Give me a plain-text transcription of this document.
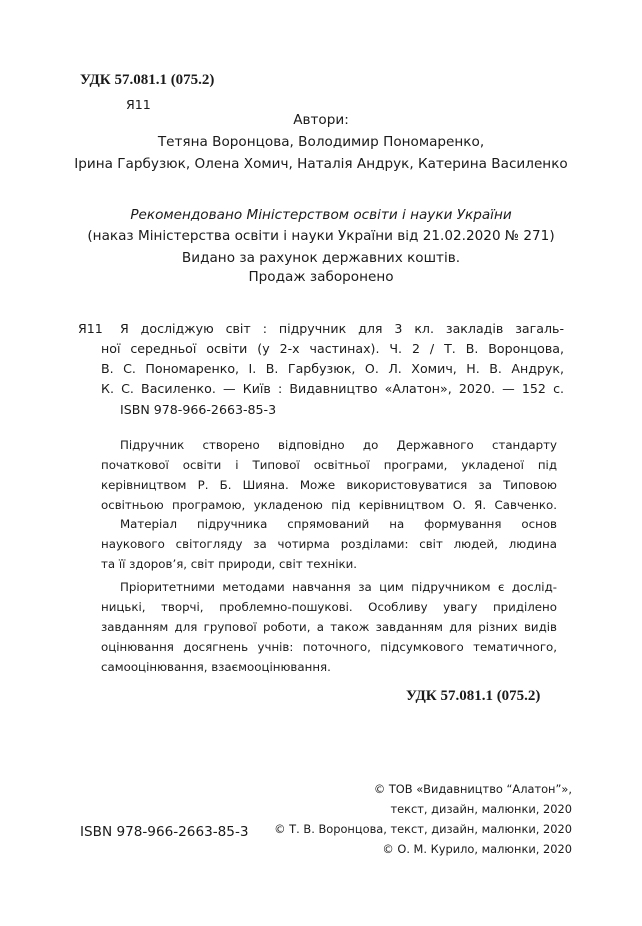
УДК 57.081.1 (075.2)
Я11
Автори:
Тетяна Воронцова, Володимир Пономаренко,
Ірина Гарбузюк, Олена Хомич, Наталія Андрук, Катерина Василенко
Рекомендовано Міністерством освіти і науки України
(наказ Міністерства освіти і науки України від 21.02.2020 № 271)
Видано за рахунок державних коштів.
Продаж заборонено
Я11 Я досліджую світ : підручник для 3 кл. закладів загаль-
ної середньої освіти (у 2-х частинах). Ч. 2 / Т. В. Воронцова,
В. С. Пономаренко, І. В. Гарбузюк, О. Л. Хомич, Н. В. Андрук,
К. С. Василенко. — Київ : Видавництво «Алатон», 2020. — 152 с.
ISBN 978-966-2663-85-3
Підручник створено відповідно до Державного стандарту
початкової освіти і Типової освітньої програми, укладеної під
керівництвом Р. Б. Шияна. Може використовуватися за Типовою
освітньою програмою, укладеною під керівництвом О. Я. Савченко.
Матеріал підручника спрямований на формування основ
наукового світогляду за чотирма розділами: світ людей, людина
та її здоров’я, світ природи, світ техніки.
Пріоритетними методами навчання за цим підручником є дослід-
ницькі, творчі, проблемно-пошукові. Особливу увагу приділено
завданням для групової роботи, а також завданням для різних видів
оцінювання досягнень учнів: поточного, підсумкового тематичного,
самооцінювання, взаємооцінювання.
УДК 57.081.1 (075.2)
ISBN 978-966-2663-85-3
© ТОВ «Видавництво “Алатон”»,
текст, дизайн, малюнки, 2020
© Т. В. Воронцова, текст, дизайн, малюнки, 2020
© О. М. Курило, малюнки, 2020
